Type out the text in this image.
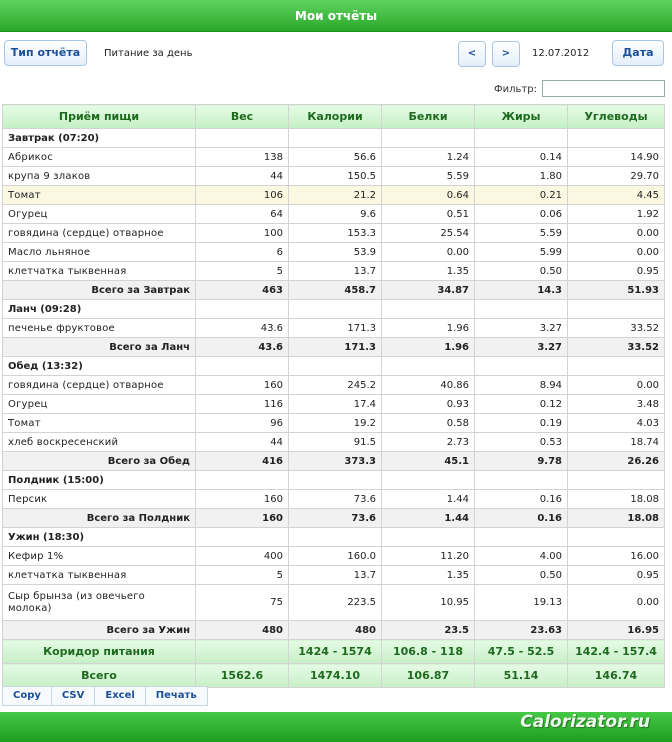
Мои отчёты
Тип отчёта	Питание за день	<	>	12.07.2012	Дата
Фильтр:
Приём пищи	Вес	Калории	Белки	Жиры	Углеводы
Завтрак (07:20)					
Абрикос	138	56.6	1.24	0.14	14.90
крупа 9 злаков	44	150.5	5.59	1.80	29.70
Томат	106	21.2	0.64	0.21	4.45
Огурец	64	9.6	0.51	0.06	1.92
говядина (сердце) отварное	100	153.3	25.54	5.59	0.00
Масло льняное	6	53.9	0.00	5.99	0.00
клетчатка тыквенная	5	13.7	1.35	0.50	0.95
Всего за Завтрак	463	458.7	34.87	14.3	51.93
Ланч (09:28)					
печенье фруктовое	43.6	171.3	1.96	3.27	33.52
Всего за Ланч	43.6	171.3	1.96	3.27	33.52
Обед (13:32)					
говядина (сердце) отварное	160	245.2	40.86	8.94	0.00
Огурец	116	17.4	0.93	0.12	3.48
Томат	96	19.2	0.58	0.19	4.03
хлеб воскресенский	44	91.5	2.73	0.53	18.74
Всего за Обед	416	373.3	45.1	9.78	26.26
Полдник (15:00)					
Персик	160	73.6	1.44	0.16	18.08
Всего за Полдник	160	73.6	1.44	0.16	18.08
Ужин (18:30)					
Кефир 1%	400	160.0	11.20	4.00	16.00
клетчатка тыквенная	5	13.7	1.35	0.50	0.95
Сыр брынза (из овечьего молока)	75	223.5	10.95	19.13	0.00
Всего за Ужин	480	480	23.5	23.63	16.95
Коридор питания		1424 - 1574	106.8 - 118	47.5 - 52.5	142.4 - 157.4
Всего	1562.6	1474.10	106.87	51.14	146.74
Copy	CSV	Excel	Печать
Calorizator.ru
